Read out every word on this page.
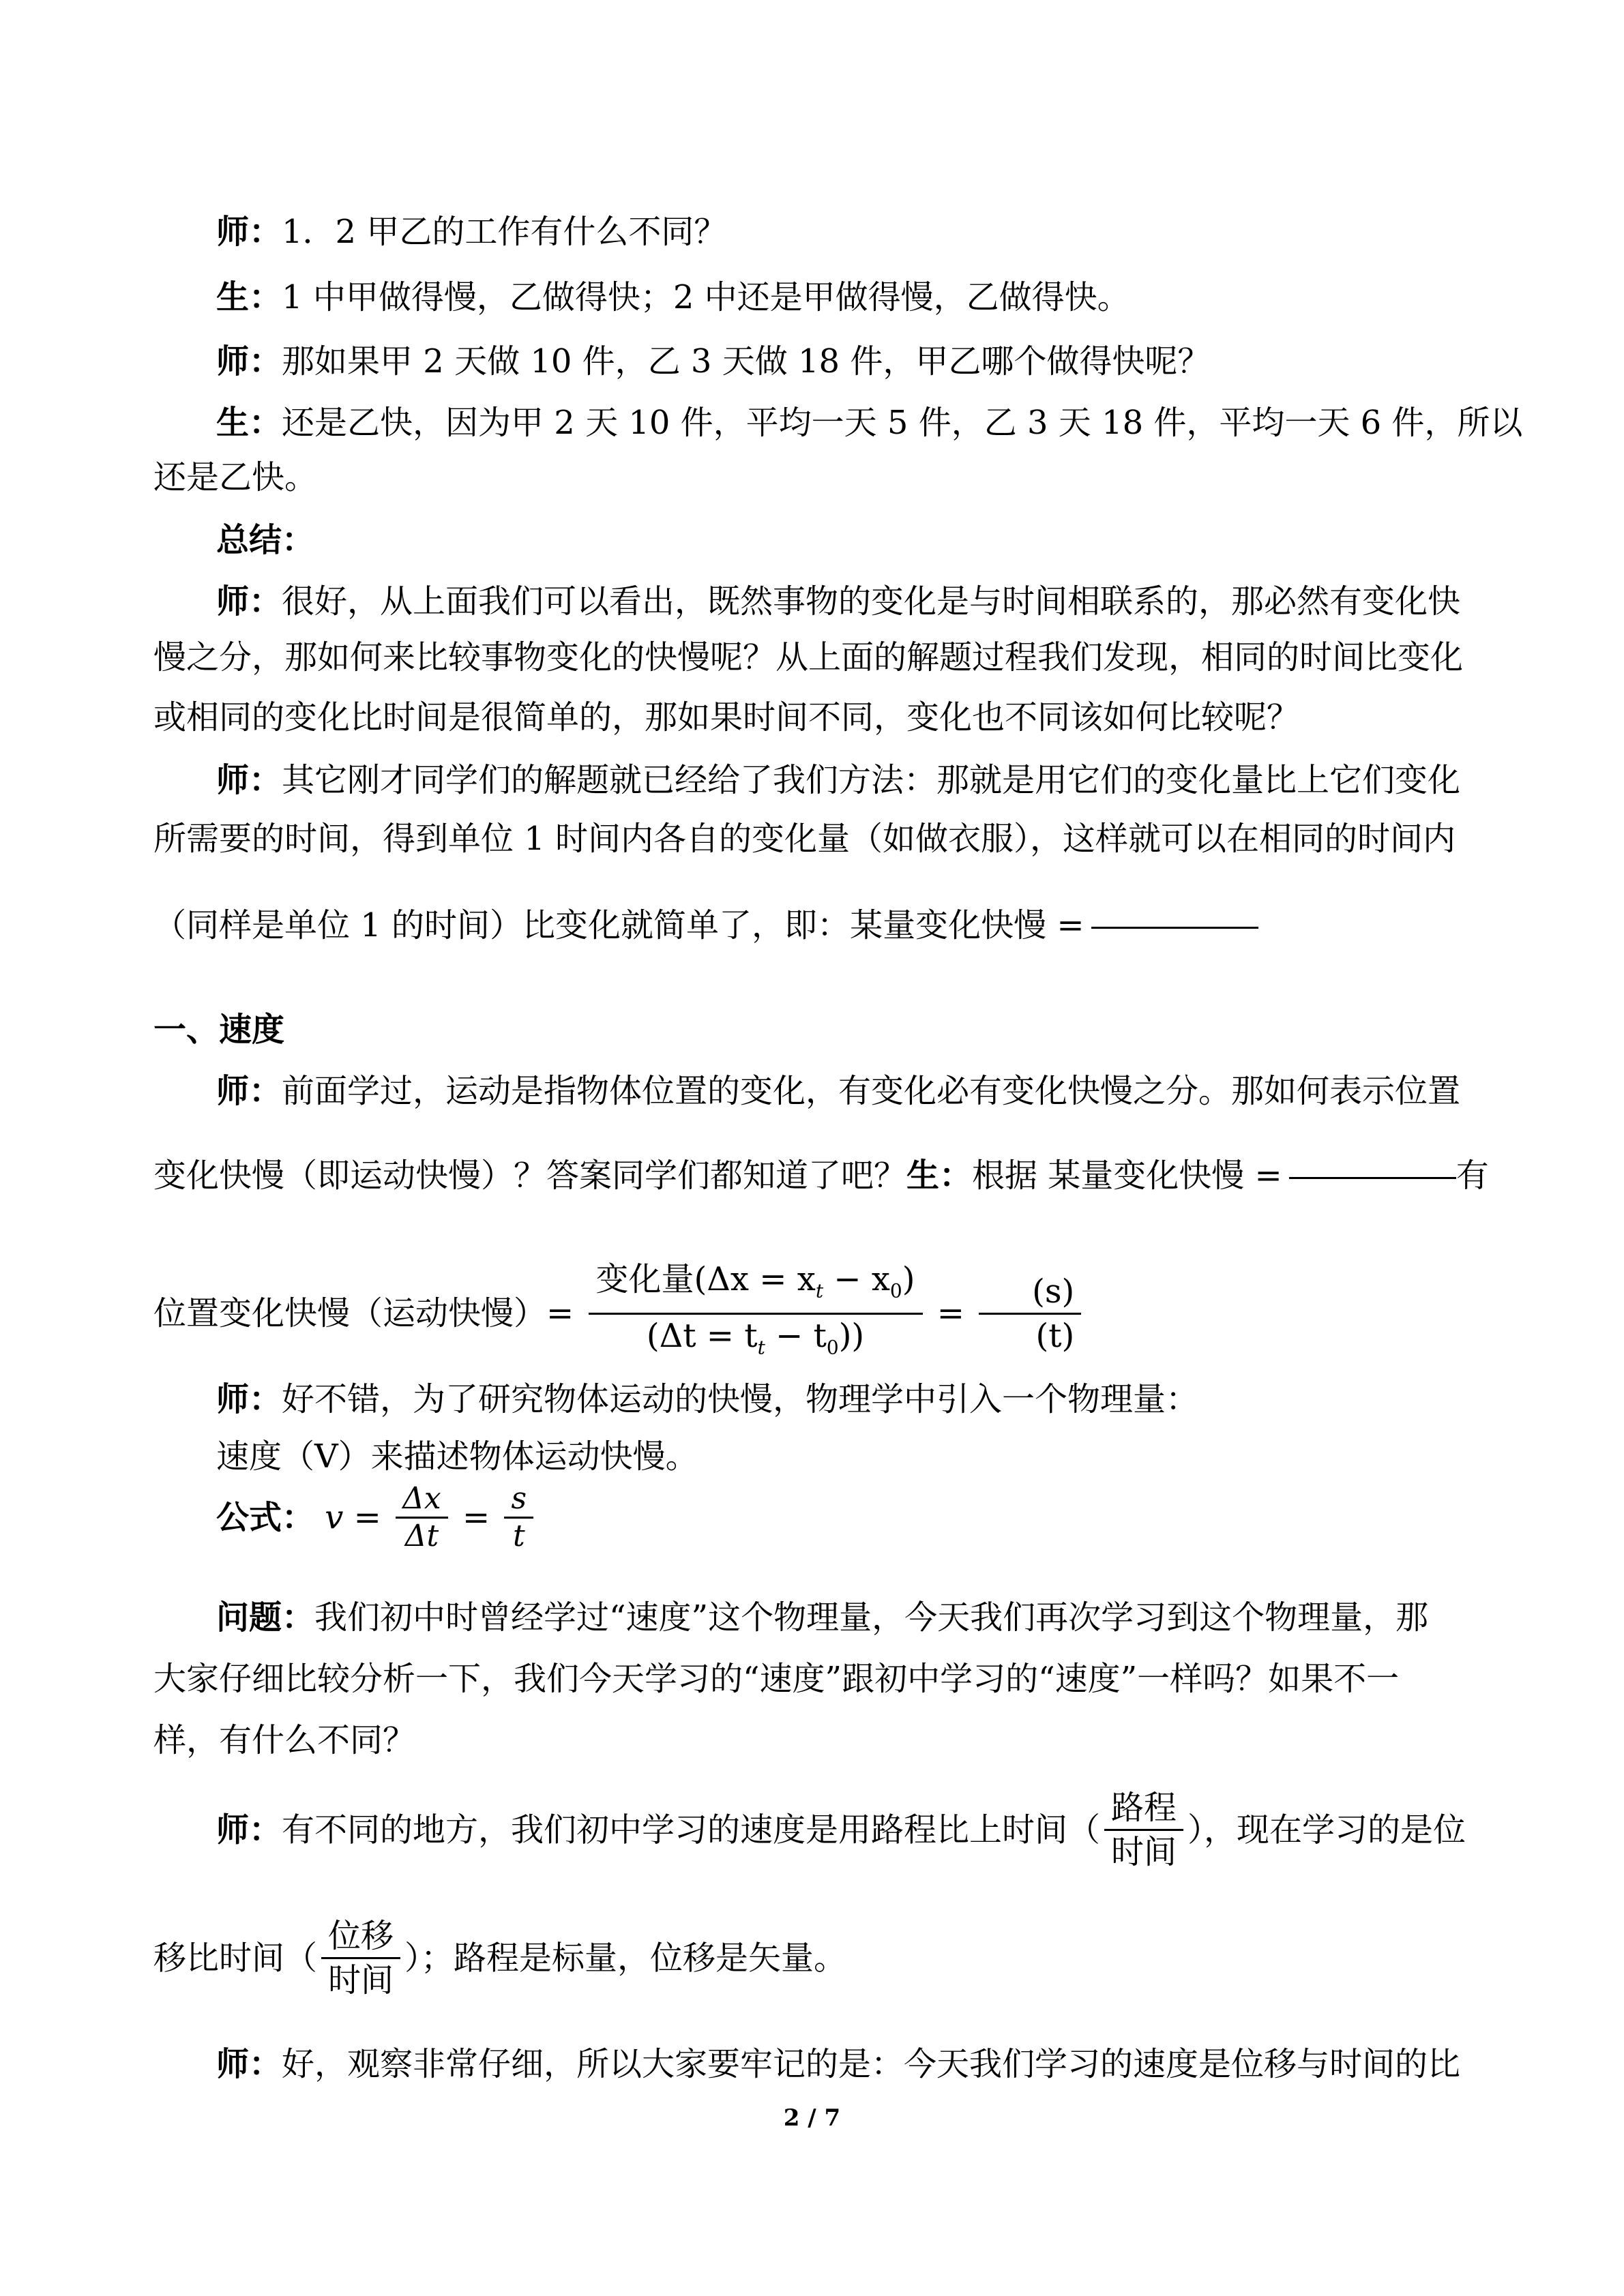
师：1．2 甲乙的工作有什么不同？
生：1 中甲做得慢，乙做得快；2 中还是甲做得慢，乙做得快。
师：那如果甲 2 天做 10 件，乙 3 天做 18 件，甲乙哪个做得快呢？
生：还是乙快，因为甲 2 天 10 件，平均一天 5 件，乙 3 天 18 件，平均一天 6 件，所以
还是乙快。
总结：
师：很好，从上面我们可以看出，既然事物的变化是与时间相联系的，那必然有变化快
慢之分，那如何来比较事物变化的快慢呢？从上面的解题过程我们发现，相同的时间比变化
或相同的变化比时间是很简单的，那如果时间不同，变化也不同该如何比较呢？
师：其它刚才同学们的解题就已经给了我们方法：那就是用它们的变化量比上它们变化
所需要的时间，得到单位 1 时间内各自的变化量（如做衣服），这样就可以在相同的时间内
（同样是单位 1 的时间）比变化就简单了，即：某量变化快慢 =
一、速度
师：前面学过，运动是指物体位置的变化，有变化必有变化快慢之分。那如何表示位置
变化快慢（即运动快慢）？答案同学们都知道了吧？生：根据 某量变化快慢 =	有
位置变化快慢（运动快慢）= $\frac{变化量(\Delta x = x_t - x_0)}{(\Delta t = t_t - t_0))} = \frac{(s)}{(t)}$
师：好不错，为了研究物体运动的快慢，物理学中引入一个物理量：
速度（V）来描述物体运动快慢。
公式： $v = \frac{\Delta x}{\Delta t} = \frac{s}{t}$
问题：我们初中时曾经学过“速度”这个物理量，今天我们再次学习到这个物理量，那
大家仔细比较分析一下，我们今天学习的“速度”跟初中学习的“速度”一样吗？如果不一
样，有什么不同？
师：有不同的地方，我们初中学习的速度是用路程比上时间（ $\frac{\text{路程}}{\text{时间}}$ ），现在学习的是位
移比时间（ $\frac{\text{位移}}{\text{时间}}$ ）；路程是标量，位移是矢量。
师：好，观察非常仔细，所以大家要牢记的是：今天我们学习的速度是位移与时间的比
2 / 7
